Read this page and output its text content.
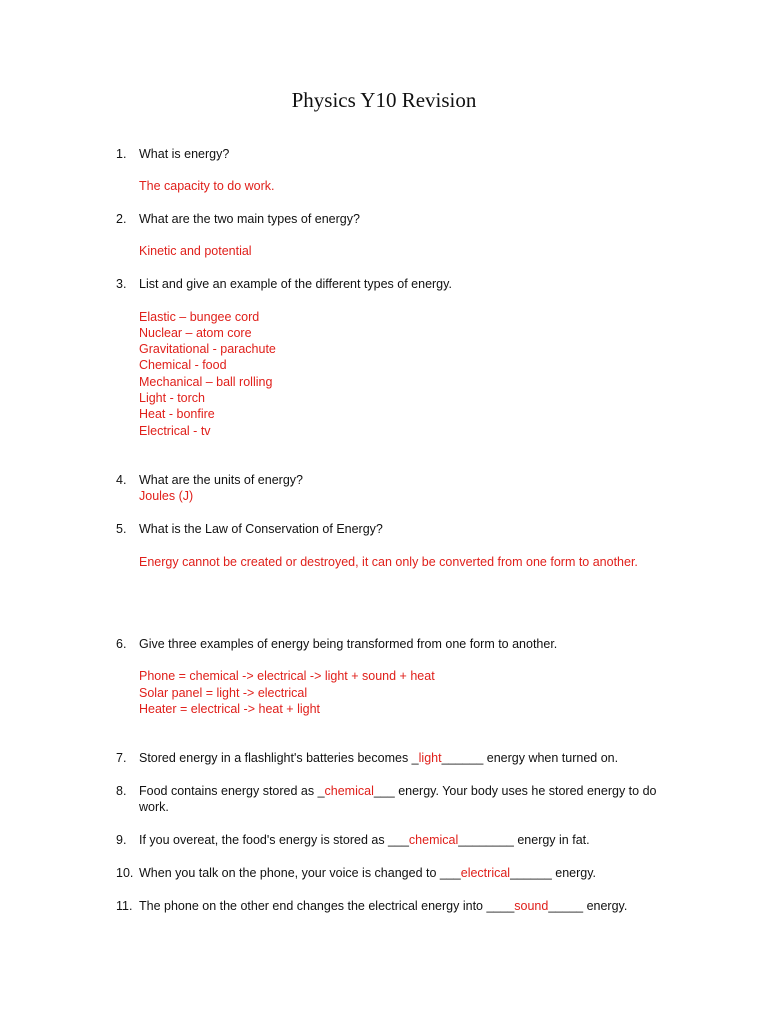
Physics Y10 Revision
1. What is energy?
The capacity to do work.
2. What are the two main types of energy?
Kinetic and potential
3. List and give an example of the different types of energy.
Elastic – bungee cord
Nuclear – atom core
Gravitational - parachute
Chemical - food
Mechanical – ball rolling
Light - torch
Heat - bonfire
Electrical - tv
4. What are the units of energy?
Joules (J)
5. What is the Law of Conservation of Energy?
Energy cannot be created or destroyed, it can only be converted from one form to another.
6. Give three examples of energy being transformed from one form to another.
Phone = chemical -> electrical -> light + sound + heat
Solar panel = light -> electrical
Heater = electrical -> heat + light
7. Stored energy in a flashlight's batteries becomes _light______ energy when turned on.
8. Food contains energy stored as _chemical___ energy. Your body uses he stored energy to do work.
9. If you overeat, the food's energy is stored as ___chemical________ energy in fat.
10. When you talk on the phone, your voice is changed to ___electrical______ energy.
11. The phone on the other end changes the electrical energy into ____sound_____ energy.
